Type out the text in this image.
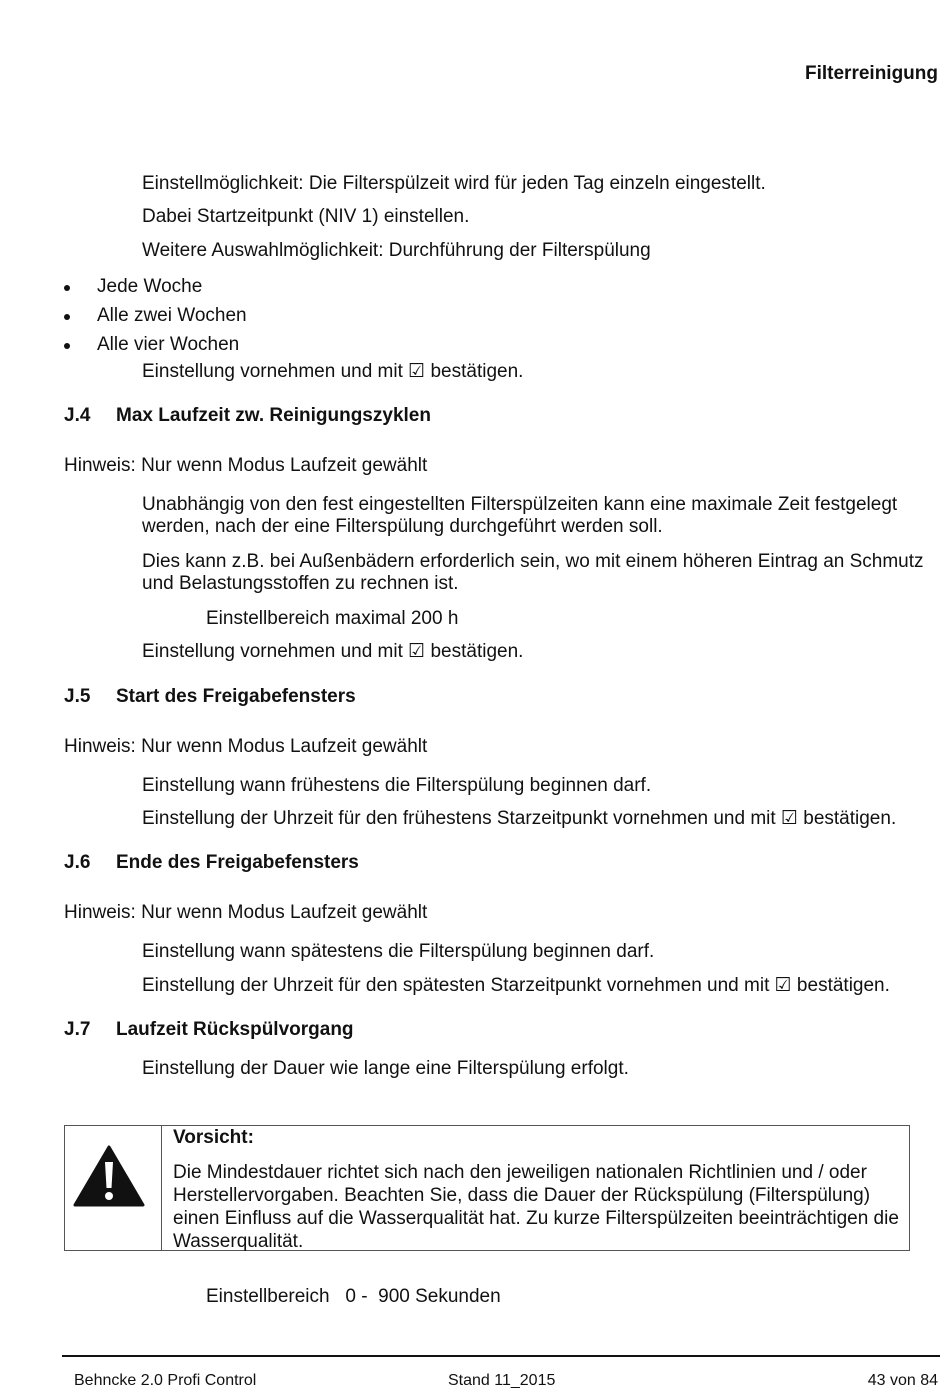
Filterreinigung
Einstellmöglichkeit: Die Filterspülzeit wird für jeden Tag einzeln eingestellt.
Dabei Startzeitpunkt (NIV 1) einstellen.
Weitere Auswahlmöglichkeit: Durchführung der Filterspülung
Jede Woche
Alle zwei Wochen
Alle vier Wochen
Einstellung vornehmen und mit ☑ bestätigen.
J.4 Max Laufzeit zw. Reinigungszyklen
Hinweis: Nur wenn Modus Laufzeit gewählt
Unabhängig von den fest eingestellten Filterspülzeiten kann eine maximale Zeit festgelegt werden, nach der eine Filterspülung durchgeführt werden soll.
Dies kann z.B. bei Außenbädern erforderlich sein, wo mit einem höheren Eintrag an Schmutz und Belastungsstoffen zu rechnen ist.
Einstellbereich maximal 200 h
Einstellung vornehmen und mit ☑ bestätigen.
J.5 Start des Freigabefensters
Hinweis: Nur wenn Modus Laufzeit gewählt
Einstellung wann frühestens die Filterspülung beginnen darf.
Einstellung der Uhrzeit für den frühestens Starzeitpunkt vornehmen und mit ☑ bestätigen.
J.6 Ende des Freigabefensters
Hinweis: Nur wenn Modus Laufzeit gewählt
Einstellung wann spätestens die Filterspülung beginnen darf.
Einstellung der Uhrzeit für den spätesten Starzeitpunkt vornehmen und mit ☑ bestätigen.
J.7 Laufzeit Rückspülvorgang
Einstellung der Dauer wie lange eine Filterspülung erfolgt.
Vorsicht:
Die Mindestdauer richtet sich nach den jeweiligen nationalen Richtlinien und / oder Herstellervorgaben. Beachten Sie, dass die Dauer der Rückspülung (Filterspülung) einen Einfluss auf die Wasserqualität hat. Zu kurze Filterspülzeiten beeinträchtigen die Wasserqualität.
Einstellbereich   0 -  900 Sekunden
Behncke 2.0 Profi Control	Stand 11_2015	43 von 84
